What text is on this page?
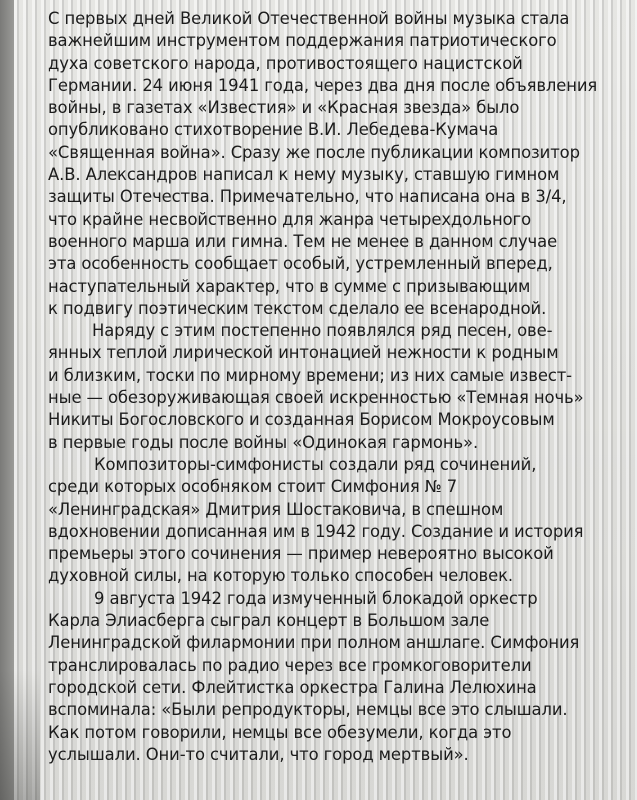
С первых дней Великой Отечественной войны музыка стала
важнейшим инструментом поддержания патриотического
духа советского народа, противостоящего нацистской
Германии. 24 июня 1941 года, через два дня после объявления
войны, в газетах «Известия» и «Красная звезда» было
опубликовано стихотворение В.И. Лебедева-Кумача
«Священная война». Сразу же после публикации композитор
А.В. Александров написал к нему музыку, ставшую гимном
защиты Отечества. Примечательно, что написана она в 3/4,
что крайне несвойственно для жанра четырехдольного
военного марша или гимна. Тем не менее в данном случае
эта особенность сообщает особый, устремленный вперед,
наступательный характер, что в сумме с призывающим
к подвигу поэтическим текстом сделало ее всенародной.
Наряду с этим постепенно появлялся ряд песен, ове-
янных теплой лирической интонацией нежности к родным
и близким, тоски по мирному времени; из них самые извест-
ные — обезоруживающая своей искренностью «Темная ночь»
Никиты Богословского и созданная Борисом Мокроусовым
в первые годы после войны «Одинокая гармонь».
Композиторы-симфонисты создали ряд сочинений,
среди которых особняком стоит Симфония № 7
«Ленинградская» Дмитрия Шостаковича, в спешном
вдохновении дописанная им в 1942 году. Создание и история
премьеры этого сочинения — пример невероятно высокой
духовной силы, на которую только способен человек.
9 августа 1942 года измученный блокадой оркестр
Карла Элиасберга сыграл концерт в Большом зале
Ленинградской филармонии при полном аншлаге. Симфония
транслировалась по радио через все громкоговорители
городской сети. Флейтистка оркестра Галина Лелюхина
вспоминала: «Были репродукторы, немцы все это слышали.
Как потом говорили, немцы все обезумели, когда это
услышали. Они-то считали, что город мертвый».
